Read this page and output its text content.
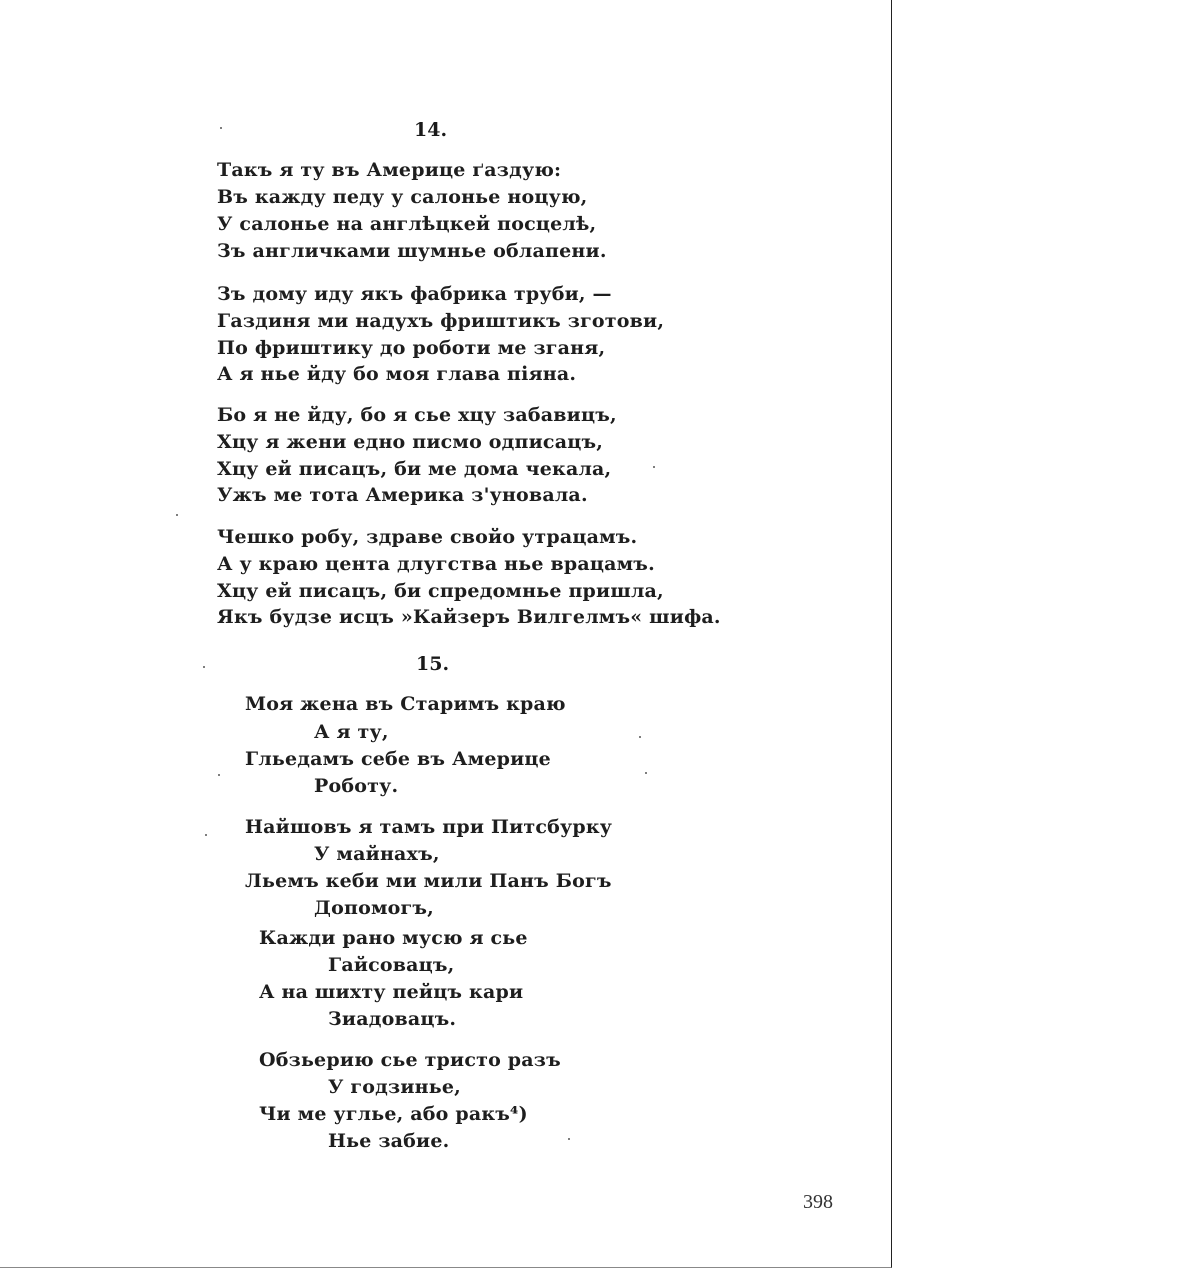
14.
Такъ я ту въ Америце ґаздую:
Въ кажду педу у салонье ноцую,
У салонье на англѣцкей посцелѣ,
Зъ англичками шумнье облапени.
Зъ дому иду якъ фабрика труби, —
Газдиня ми надухъ фриштикъ зготови,
По фриштику до роботи ме зганя,
А я нье йду бо моя глава піяна.
Бо я не йду, бо я сье хцу забавицъ,
Хцу я жени едно писмо одписацъ,
Хцу ей писацъ, би ме дома чекала,
Ужъ ме тота Америка з'уновала.
Чешко робу, здраве свойо утрацамъ.
А у краю цента длугства нье врацамъ.
Хцу ей писацъ, би спредомнье пришла,
Якъ будзе исцъ »Кайзеръ Вилгелмъ« шифа.
15.
Моя жена въ Старимъ краю
А я ту,
Гльедамъ себе въ Америце
Роботу.
Найшовъ я тамъ при Питсбурку
У майнахъ,
Льемъ кеби ми мили Панъ Богъ
Допомогъ,
Кажди рано мусю я сье
Гайсовацъ,
А на шихту пейцъ кари
Зиадовацъ.
Обзьерию сье тристо разъ
У годзинье,
Чи ме углье, або ракъ⁴)
Нье забие.
398
